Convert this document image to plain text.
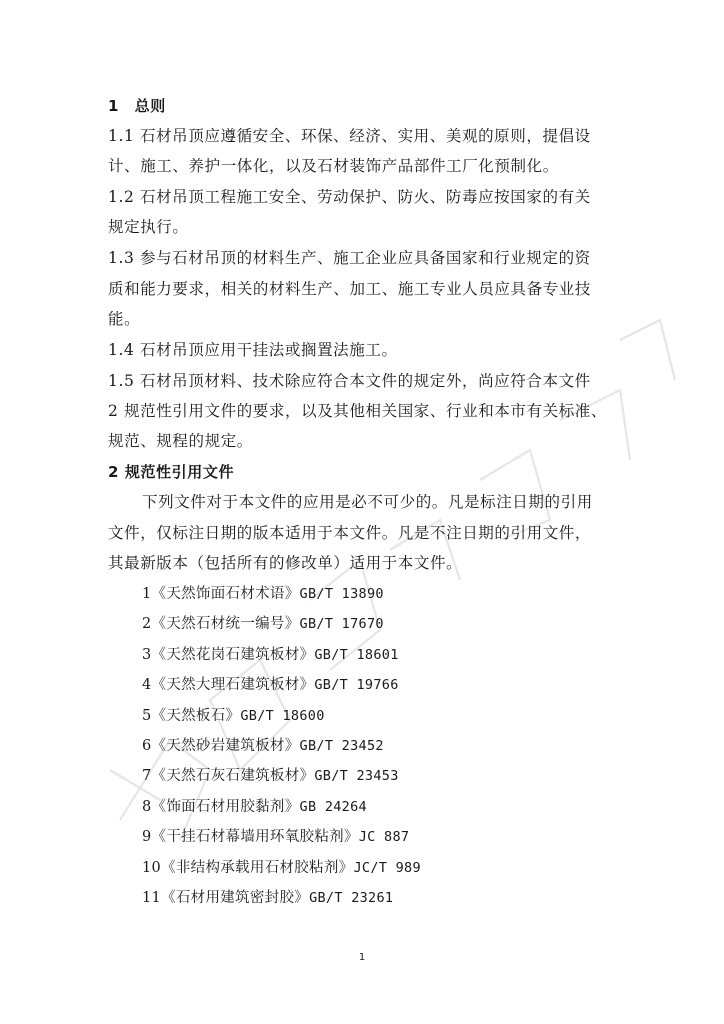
1　总则
1.1 石材吊顶应遵循安全、环保、经济、实用、美观的原则，提倡设
计、施工、养护一体化，以及石材装饰产品部件工厂化预制化。
1.2 石材吊顶工程施工安全、劳动保护、防火、防毒应按国家的有关
规定执行。
1.3 参与石材吊顶的材料生产、施工企业应具备国家和行业规定的资
质和能力要求，相关的材料生产、加工、施工专业人员应具备专业技
能。
1.4 石材吊顶应用干挂法或搁置法施工。
1.5 石材吊顶材料、技术除应符合本文件的规定外，尚应符合本文件
2 规范性引用文件的要求，以及其他相关国家、行业和本市有关标准、
规范、规程的规定。
2 规范性引用文件
下列文件对于本文件的应用是必不可少的。凡是标注日期的引用
文件，仅标注日期的版本适用于本文件。凡是不注日期的引用文件，
其最新版本（包括所有的修改单）适用于本文件。
1《天然饰面石材术语》GB/T 13890
2《天然石材统一编号》GB/T 17670
3《天然花岗石建筑板材》GB/T 18601
4《天然大理石建筑板材》GB/T 19766
5《天然板石》GB/T 18600
6《天然砂岩建筑板材》GB/T 23452
7《天然石灰石建筑板材》GB/T 23453
8《饰面石材用胶黏剂》GB 24264
9《干挂石材幕墙用环氧胶粘剂》JC 887
10《非结构承载用石材胶粘剂》JC/T 989
11《石材用建筑密封胶》GB/T 23261
1
